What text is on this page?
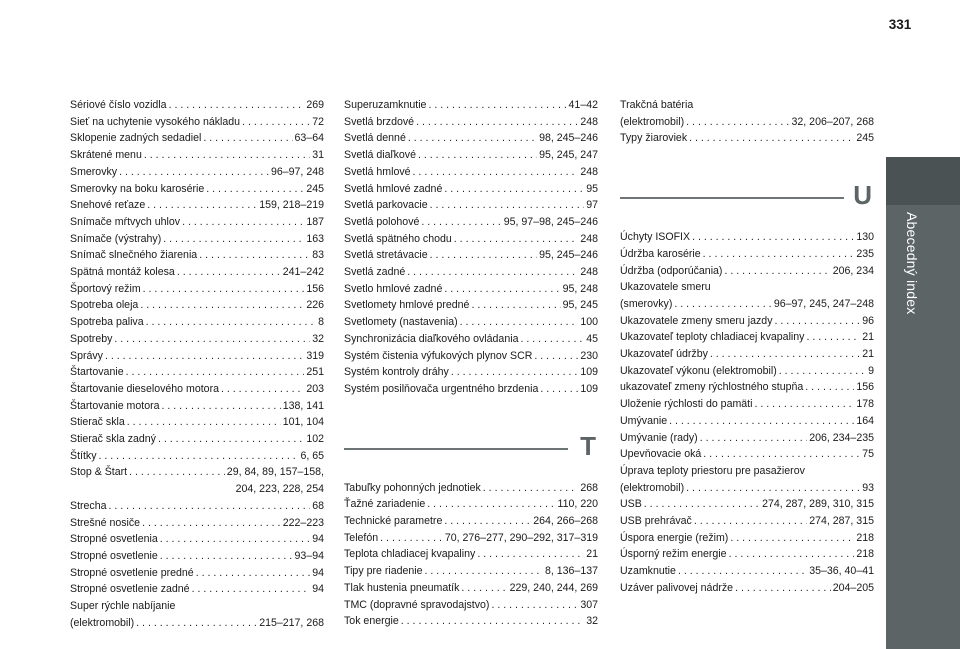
331
Abecedný index
Sériové číslo vozidla . . .	269
Sieť na uchytenie vysokého nákladu . . .	72
Sklopenie zadných sedadiel . . .	63–64
Skrátené menu . . .	31
Smerovky . . .	96–97, 248
Smerovky na boku karosérie . . .	245
Snehové reťaze . . .	159, 218–219
Snímače mŕtvych uhlov . . .	187
Snímače (výstrahy) . . .	163
Snímač slnečného žiarenia . . .	83
Spätná montáž kolesa . . .	241–242
Športový režim . . .	156
Spotreba oleja . . .	226
Spotreba paliva . . .	8
Spotreby . . .	32
Správy . . .	319
Štartovanie . . .	251
Štartovanie dieselového motora . . .	203
Štartovanie motora . . .	138, 141
Stierač skla . . .	101, 104
Stierač skla zadný . . .	102
Štítky . . .	6, 65
Stop & Štart . . .	29, 84, 89, 157–158,
204, 223, 228, 254
Strecha . . .	68
Strešné nosiče . . .	222–223
Stropné osvetlenia . . .	94
Stropné osvetlenie . . .	93–94
Stropné osvetlenie predné . . .	94
Stropné osvetlenie zadné . . .	94
Super rýchle nabíjanie
(elektromobil) . . .	215–217, 268
Superuzamknutie . . .	41–42
Svetlá brzdové . . .	248
Svetlá denné . . .	98, 245–246
Svetlá diaľkové . . .	95, 245, 247
Svetlá hmlové . . .	248
Svetlá hmlové zadné . . .	95
Svetlá parkovacie . . .	97
Svetlá polohové . . .	95, 97–98, 245–246
Svetlá spätného chodu . . .	248
Svetlá stretávacie . . .	95, 245–246
Svetlá zadné . . .	248
Svetlo hmlové zadné . . .	95, 248
Svetlomety hmlové predné . . .	95, 245
Svetlomety (nastavenia) . . .	100
Synchronizácia diaľkového ovládania . . .	45
Systém čistenia výfukových plynov SCR . . .	230
Systém kontroly dráhy . . .	109
Systém posilňovača urgentného brzdenia . . .	109
T
Tabuľky pohonných jednotiek . . .	268
Ťažné zariadenie . . .	110, 220
Technické parametre . . .	264, 266–268
Telefón . . .	70, 276–277, 290–292, 317–319
Teplota chladiacej kvapaliny . . .	21
Tipy pre riadenie . . .	8, 136–137
Tlak hustenia pneumatík . . .	229, 240, 244, 269
TMC (dopravné spravodajstvo) . . .	307
Tok energie . . .	32
Trakčná batéria
(elektromobil) . . .	32, 206–207, 268
Typy žiaroviek . . .	245
U
Úchyty ISOFIX . . .	130
Údržba karosérie . . .	235
Údržba (odporúčania) . . .	206, 234
Ukazovatele smeru
(smerovky) . . .	96–97, 245, 247–248
Ukazovatele zmeny smeru jazdy . . .	96
Ukazovateľ teploty chladiacej kvapaliny . . .	21
Ukazovateľ údržby . . .	21
Ukazovateľ výkonu (elektromobil) . . .	9
ukazovateľ zmeny rýchlostného stupňa . . .	156
Uloženie rýchlosti do pamäti . . .	178
Umývanie . . .	164
Umývanie (rady) . . .	206, 234–235
Upevňovacie oká . . .	75
Úprava teploty priestoru pre pasažierov
(elektromobil) . . .	93
USB . . .	274, 287, 289, 310, 315
USB prehrávač . . .	274, 287, 315
Úspora energie (režim) . . .	218
Úsporný režim energie . . .	218
Uzamknutie . . .	35–36, 40–41
Uzáver palivovej nádrže . . .	204–205
